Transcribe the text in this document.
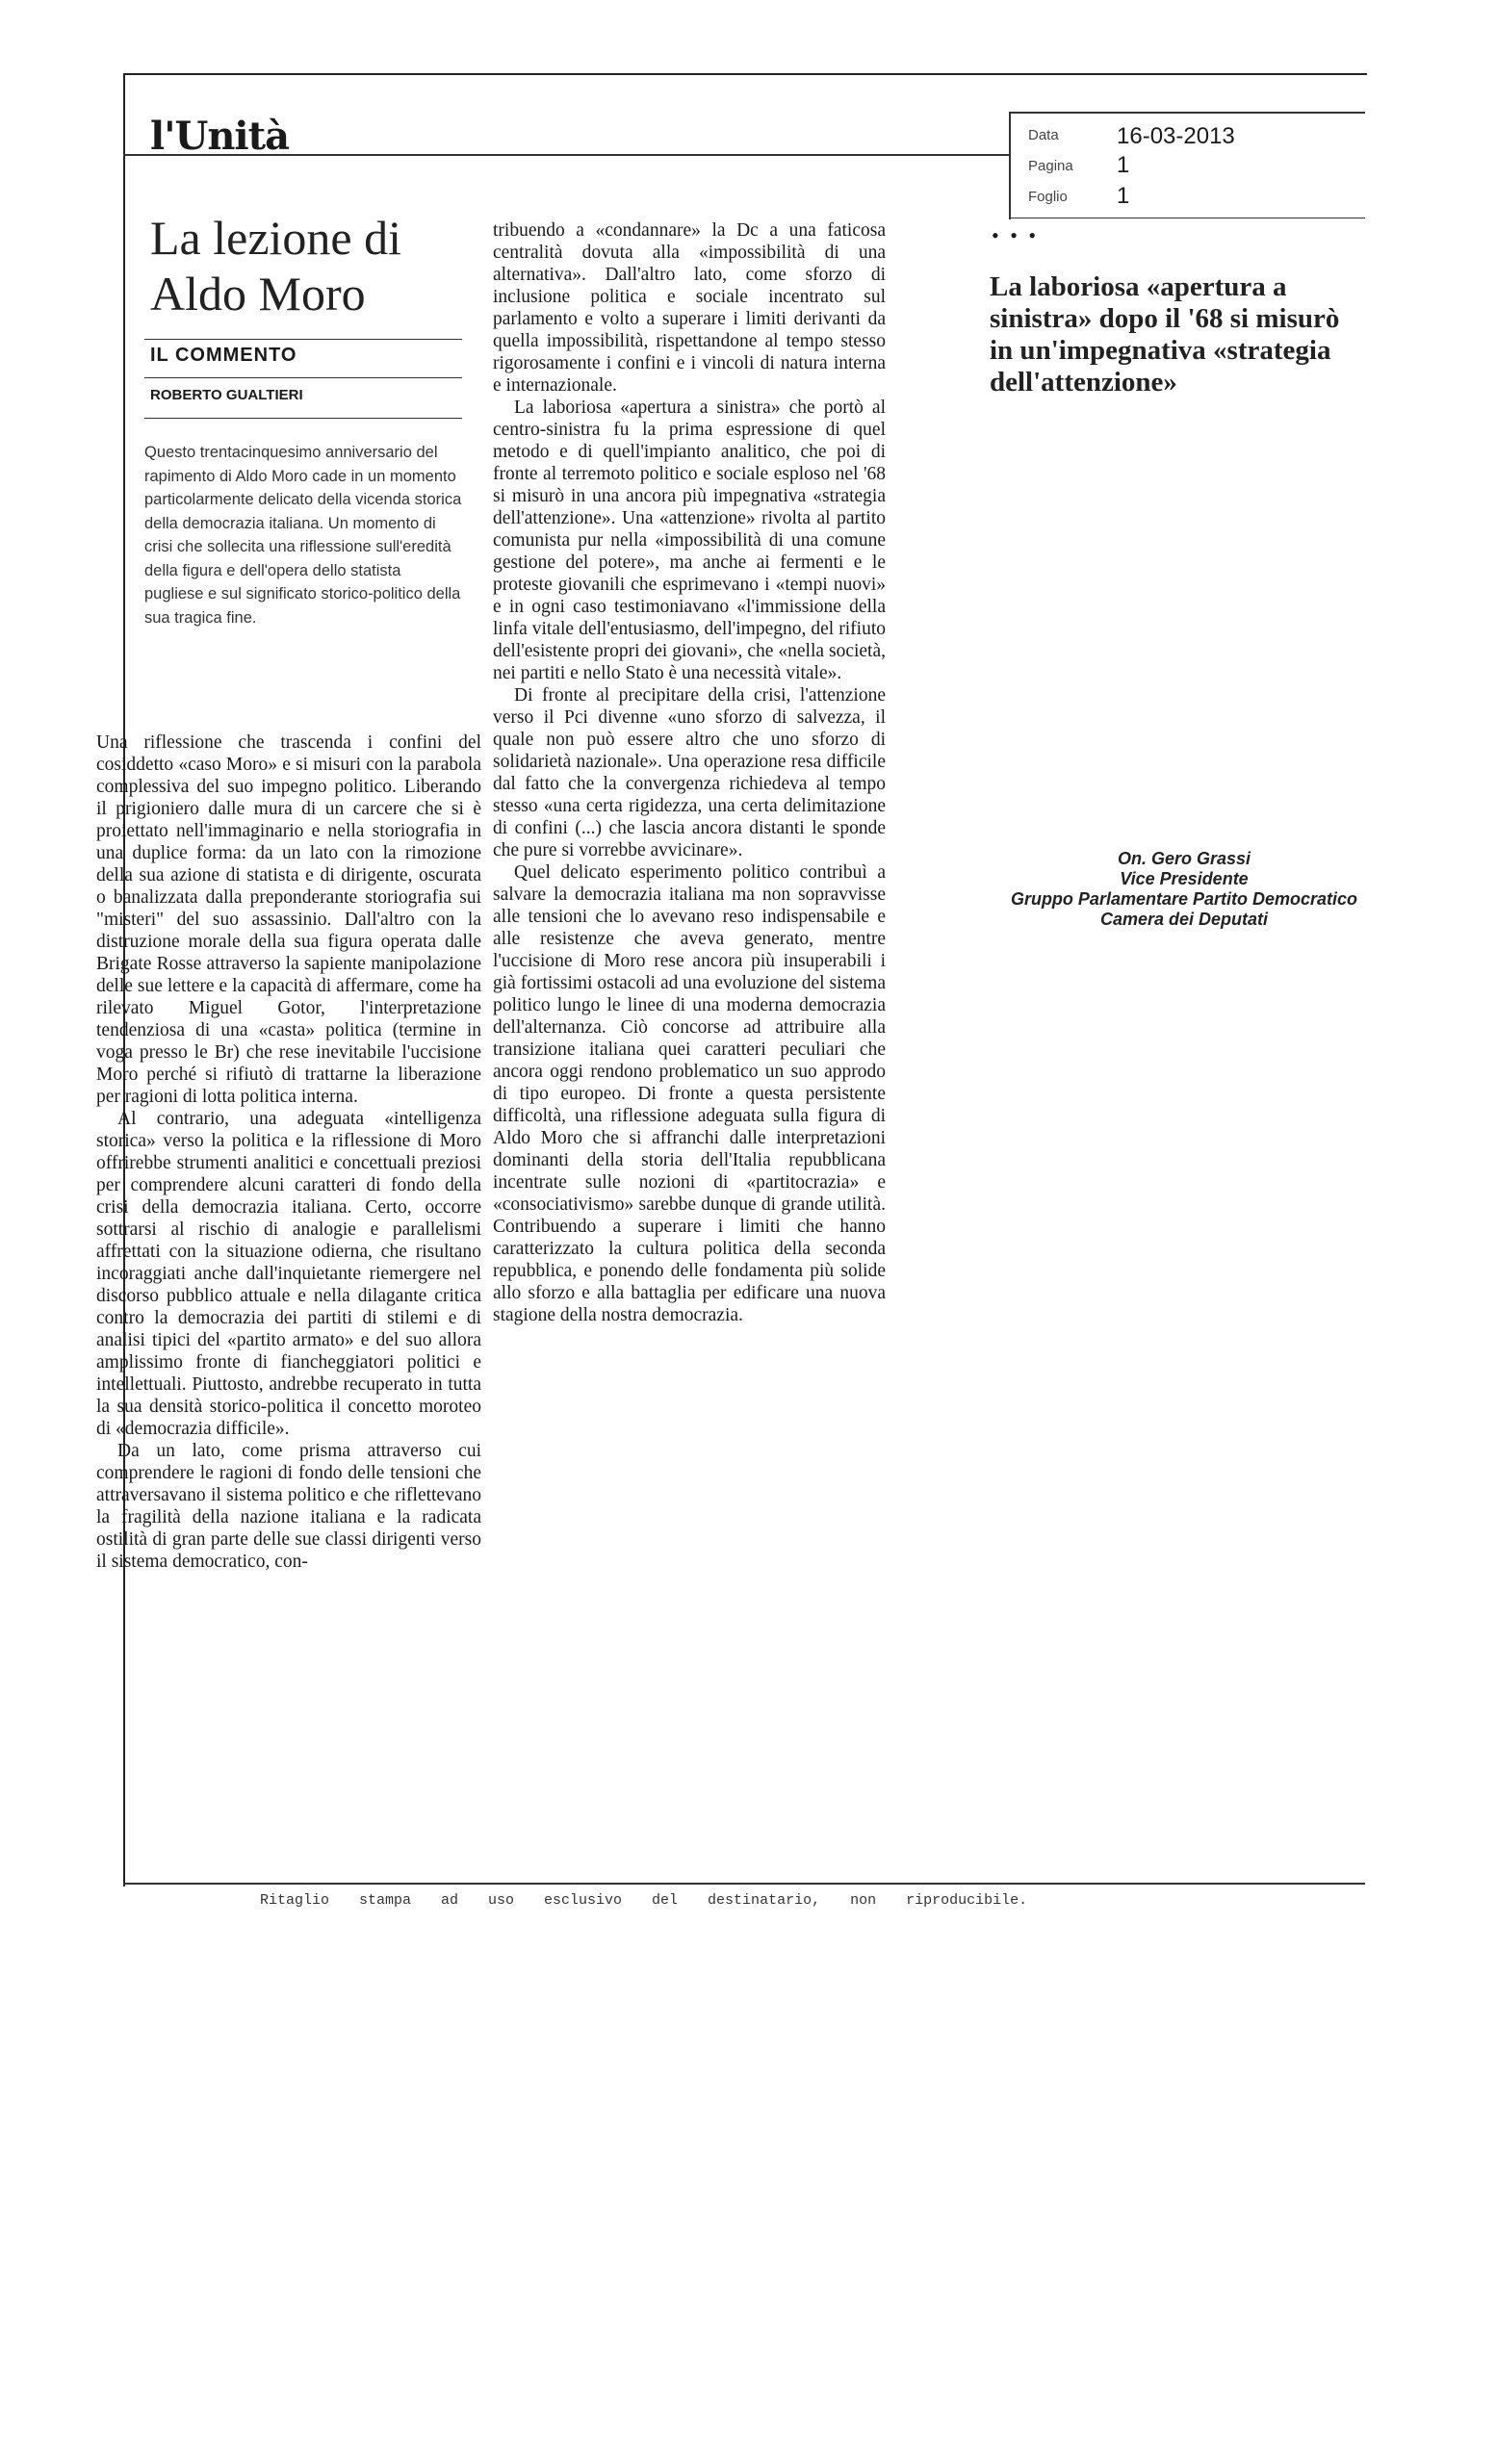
l'Unità	Data	16-03-2013
Pagina 1
Foglio 1
La lezione di Aldo Moro
IL COMMENTO
ROBERTO GUALTIERI
Questo trentacinquesimo anniversario del rapimento di Aldo Moro cade in un momento particolarmente delicato della vicenda storica della democrazia italiana. Un momento di crisi che sollecita una riflessione sull'eredità della figura e dell'opera dello statista pugliese e sul significato storico-politico della sua tragica fine.

Una riflessione che trascenda i confini del cosiddetto «caso Moro» e si misuri con la parabola complessiva del suo impegno politico. Liberando il prigioniero dalle mura di un carcere che si è proiettato nell'immaginario e nella storiografia in una duplice forma: da un lato con la rimozione della sua azione di statista e di dirigente, oscurata o banalizzata dalla preponderante storiografia sui "misteri" del suo assassinio. Dall'altro con la distruzione morale della sua figura operata dalle Brigate Rosse attraverso la sapiente manipolazione delle sue lettere e la capacità di affermare, come ha rilevato Miguel Gotor, l'interpretazione tendenziosa di una «casta» politica (termine in voga presso le Br) che rese inevitabile l'uccisione Moro perché si rifiutò di trattarne la liberazione per ragioni di lotta politica interna.

Al contrario, una adeguata «intelligenza storica» verso la politica e la riflessione di Moro offrirebbe strumenti analitici e concettuali preziosi per comprendere alcuni caratteri di fondo della crisi della democrazia italiana. Certo, occorre sottrarsi al rischio di analogie e parallelismi affrettati con la situazione odierna, che risultano incoraggiati anche dall'inquietante riemergere nel discorso pubblico attuale e nella dilagante critica contro la democrazia dei partiti di stilemi e di analisi tipici del «partito armato» e del suo allora amplissimo fronte di fiancheggiatori politici e intellettuali. Piuttosto, andrebbe recuperato in tutta la sua densità storico-politica il concetto moroteo di «democrazia difficile».

Da un lato, come prisma attraverso cui comprendere le ragioni di fondo delle tensioni che attraversavano il sistema politico e che riflettevano la fragilità della nazione italiana e la radicata ostilità di gran parte delle sue classi dirigenti verso il sistema democratico, con-

tribuendo a «condannare» la Dc a una faticosa centralità dovuta alla «impossibilità di una alternativa». Dall'altro lato, come sforzo di inclusione politica e sociale incentrato sul parlamento e volto a superare i limiti derivanti da quella impossibilità, rispettandone al tempo stesso rigorosamente i confini e i vincoli di natura interna e internazionale.

La laboriosa «apertura a sinistra» che portò al centro-sinistra fu la prima espressione di quel metodo e di quell'impianto analitico, che poi di fronte al terremoto politico e sociale esploso nel '68 si misurò in una ancora più impegnativa «strategia dell'attenzione». Una «attenzione» rivolta al partito comunista pur nella «impossibilità di una comune gestione del potere», ma anche ai fermenti e le proteste giovanili che esprimevano i «tempi nuovi» e in ogni caso testimoniavano «l'immissione della linfa vitale dell'entusiasmo, dell'impegno, del rifiuto dell'esistente propri dei giovani», che «nella società, nei partiti e nello Stato è una necessità vitale».

Di fronte al precipitare della crisi, l'attenzione verso il Pci divenne «uno sforzo di salvezza, il quale non può essere altro che uno sforzo di solidarietà nazionale». Una operazione resa difficile dal fatto che la convergenza richiedeva al tempo stesso «una certa rigidezza, una certa delimitazione di confini (...) che lascia ancora distanti le sponde che pure si vorrebbe avvicinare».

Quel delicato esperimento politico contribuì a salvare la democrazia italiana ma non sopravvisse alle tensioni che lo avevano reso indispensabile e alle resistenze che aveva generato, mentre l'uccisione di Moro rese ancora più insuperabili i già fortissimi ostacoli ad una evoluzione del sistema politico lungo le linee di una moderna democrazia dell'alternanza. Ciò concorse ad attribuire alla transizione italiana quei caratteri peculiari che ancora oggi rendono problematico un suo approdo di tipo europeo. Di fronte a questa persistente difficoltà, una riflessione adeguata sulla figura di Aldo Moro che si affranchi dalle interpretazioni dominanti della storia dell'Italia repubblicana incentrate sulle nozioni di «partitocrazia» e «consociativismo» sarebbe dunque di grande utilità. Contribuendo a superare i limiti che hanno caratterizzato la cultura politica della seconda repubblica, e ponendo delle fondamenta più solide allo sforzo e alla battaglia per edificare una nuova stagione della nostra democrazia.

• • •
La laboriosa «apertura a sinistra» dopo il '68 si misurò in un'impegnativa «strategia dell'attenzione»
On. Gero Grassi
Vice Presidente
Gruppo Parlamentare Partito Democratico
Camera dei Deputati
Ritaglio stampa ad uso esclusivo del destinatario, non riproducibile.
